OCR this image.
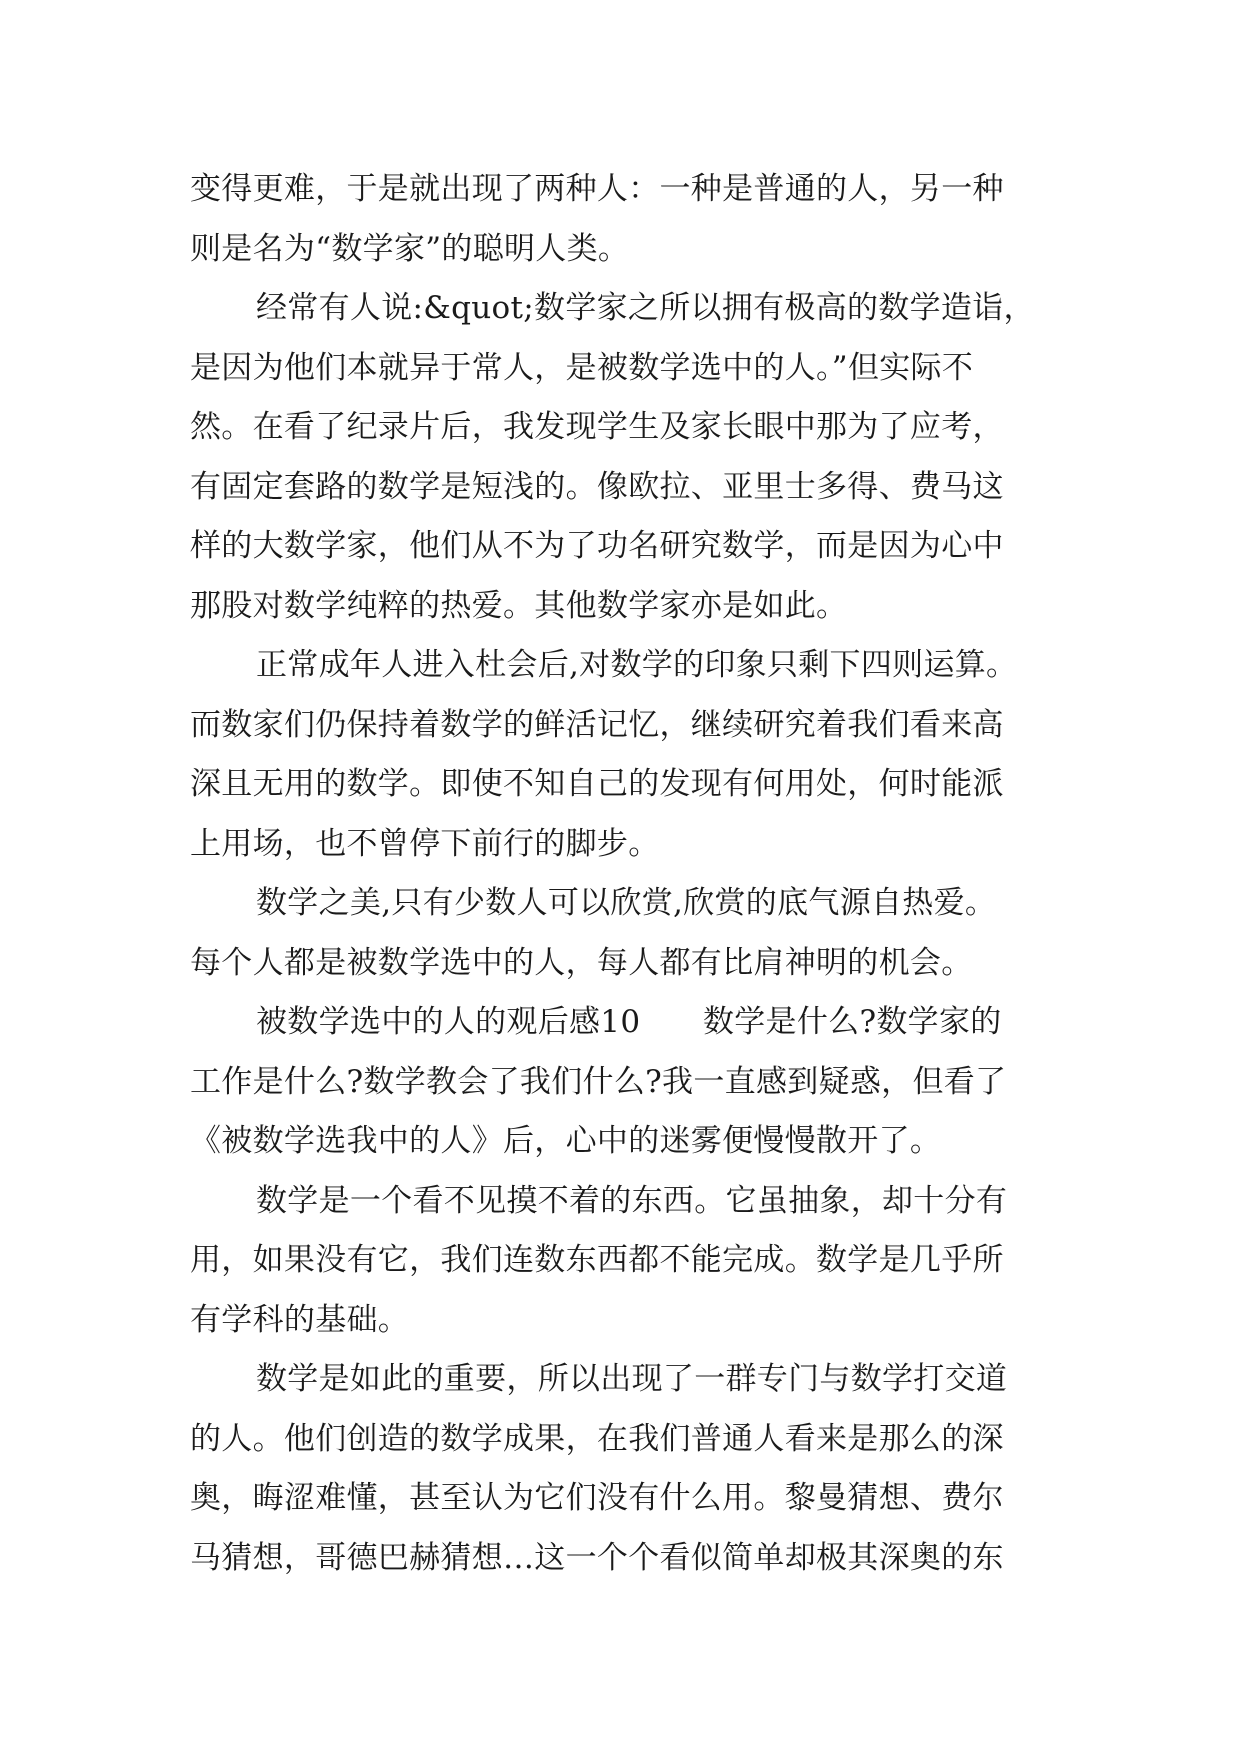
变得更难，于是就出现了两种人：一种是普通的人，另一种
则是名为“数学家”的聪明人类。
经常有人说:&quot;数学家之所以拥有极高的数学造诣，
是因为他们本就异于常人，是被数学选中的人。”但实际不
然。在看了纪录片后，我发现学生及家长眼中那为了应考，
有固定套路的数学是短浅的。像欧拉、亚里士多得、费马这
样的大数学家，他们从不为了功名研究数学，而是因为心中
那股对数学纯粹的热爱。其他数学家亦是如此。
正常成年人进入杜会后,对数学的印象只剩下四则运算。
而数家们仍保持着数学的鲜活记忆，继续研究着我们看来高
深且无用的数学。即使不知自己的发现有何用处，何时能派
上用场，也不曾停下前行的脚步。
数学之美,只有少数人可以欣赏,欣赏的底气源自热爱。
每个人都是被数学选中的人，每人都有比肩神明的机会。
被数学选中的人的观后感10　　数学是什么?数学家的
工作是什么?数学教会了我们什么?我一直感到疑惑，但看了
《被数学选我中的人》后，心中的迷雾便慢慢散开了。
数学是一个看不见摸不着的东西。它虽抽象，却十分有
用，如果没有它，我们连数东西都不能完成。数学是几乎所
有学科的基础。
数学是如此的重要，所以出现了一群专门与数学打交道
的人。他们创造的数学成果，在我们普通人看来是那么的深
奥，晦涩难懂，甚至认为它们没有什么用。黎曼猜想、费尔
马猜想，哥德巴赫猜想…这一个个看似简单却极其深奥的东
